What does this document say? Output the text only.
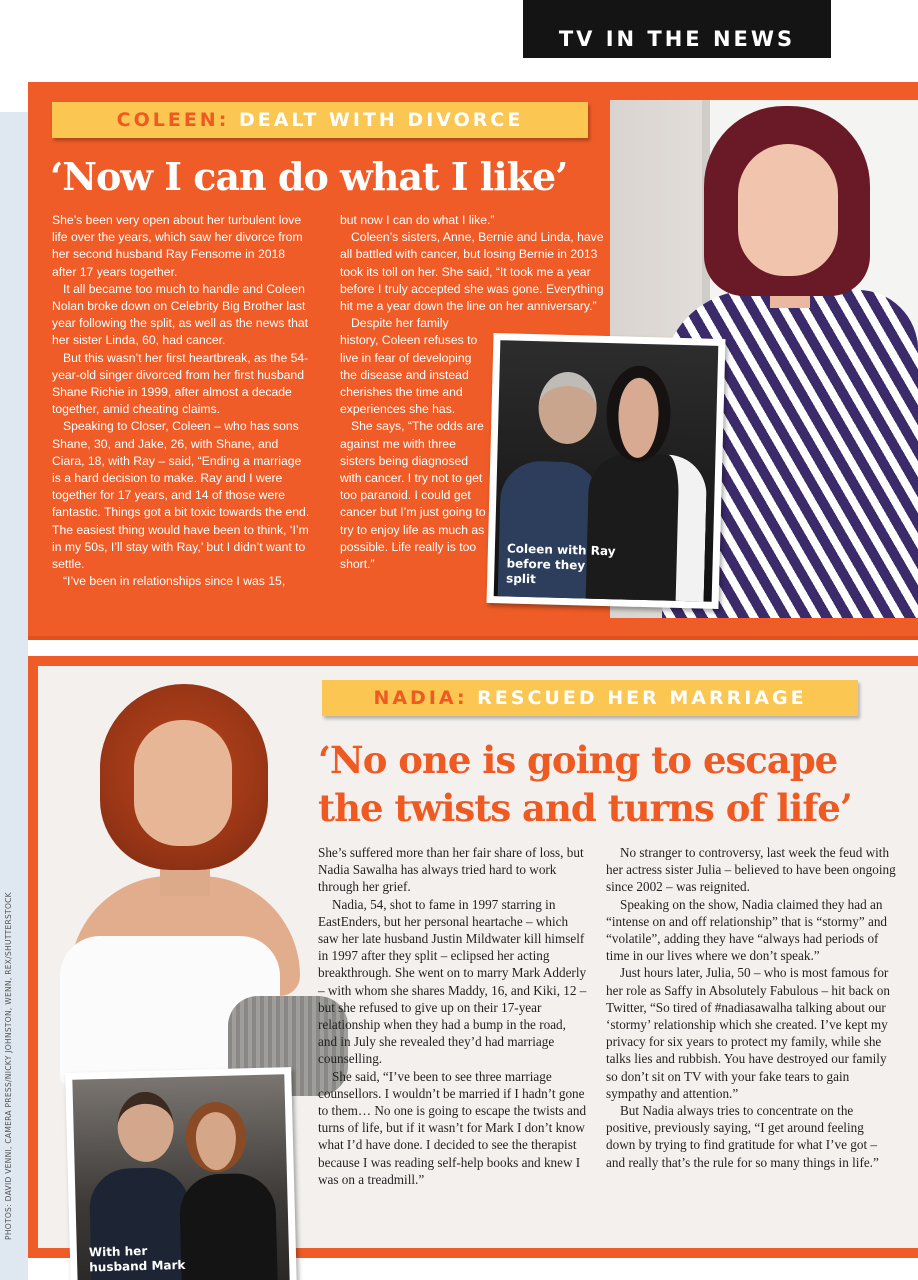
TV IN THE NEWS
COLEEN: DEALT WITH DIVORCE
‘Now I can do what I like’

She’s been very open about her turbulent love life over the years, which saw her divorce from her second husband Ray Fensome in 2018 after 17 years together.

It all became too much to handle and Coleen Nolan broke down on Celebrity Big Brother last year following the split, as well as the news that her sister Linda, 60, had cancer.

But this wasn’t her first heartbreak, as the 54-year-old singer divorced from her first husband Shane Richie in 1999, after almost a decade together, amid cheating claims.

Speaking to Closer, Coleen – who has sons Shane, 30, and Jake, 26, with Shane, and Ciara, 18, with Ray – said, “Ending a marriage is a hard decision to make. Ray and I were together for 17 years, and 14 of those were fantastic. Things got a bit toxic towards the end. The easiest thing would have been to think, ‘I’m in my 50s, I’ll stay with Ray,’ but I didn’t want to settle.

“I’ve been in relationships since I was 15,

but now I can do what I like.”

Coleen’s sisters, Anne, Bernie and Linda, have all battled with cancer, but losing Bernie in 2013 took its toll on her. She said, “It took me a year before I truly accepted she was gone. Everything hit me a year down the line on her anniversary.”

Despite her family history, Coleen refuses to live in fear of developing the disease and instead cherishes the time and experiences she has.

She says, “The odds are against me with three sisters being diagnosed with cancer. I try not to get too paranoid. I could get cancer but I’m just going to try to enjoy life as much as possible. Life really is too short.”

Coleen with Ray before they split
NADIA: RESCUED HER MARRIAGE
‘No one is going to escape the twists and turns of life’

She’s suffered more than her fair share of loss, but Nadia Sawalha has always tried hard to work through her grief.

Nadia, 54, shot to fame in 1997 starring in EastEnders, but her personal heartache – which saw her late husband Justin Mildwater kill himself in 1997 after they split – eclipsed her acting breakthrough. She went on to marry Mark Adderly – with whom she shares Maddy, 16, and Kiki, 12 – but she refused to give up on their 17-year relationship when they had a bump in the road, and in July she revealed they’d had marriage counselling.

She said, “I’ve been to see three marriage counsellors. I wouldn’t be married if I hadn’t gone to them… No one is going to escape the twists and turns of life, but if it wasn’t for Mark I don’t know what I’d have done. I decided to see the therapist because I was reading self-help books and knew I was on a treadmill.”

No stranger to controversy, last week the feud with her actress sister Julia – believed to have been ongoing since 2002 – was reignited.

Speaking on the show, Nadia claimed they had an “intense on and off relationship” that is “stormy” and “volatile”, adding they have “always had periods of time in our lives where we don’t speak.”

Just hours later, Julia, 50 – who is most famous for her role as Saffy in Absolutely Fabulous – hit back on Twitter, “So tired of #nadiasawalha talking about our ‘stormy’ relationship which she created. I’ve kept my privacy for six years to protect my family, while she talks lies and rubbish. You have destroyed our family so don’t sit on TV with your fake tears to gain sympathy and attention.”

But Nadia always tries to concentrate on the positive, previously saying, “I get around feeling down by trying to find gratitude for what I’ve got – and really that’s the rule for so many things in life.”

With her husband Mark
PHOTOS: DAVID VENNI, CAMERA PRESS/NICKY JOHNSTON, WENN, REX/SHUTTERSTOCK
